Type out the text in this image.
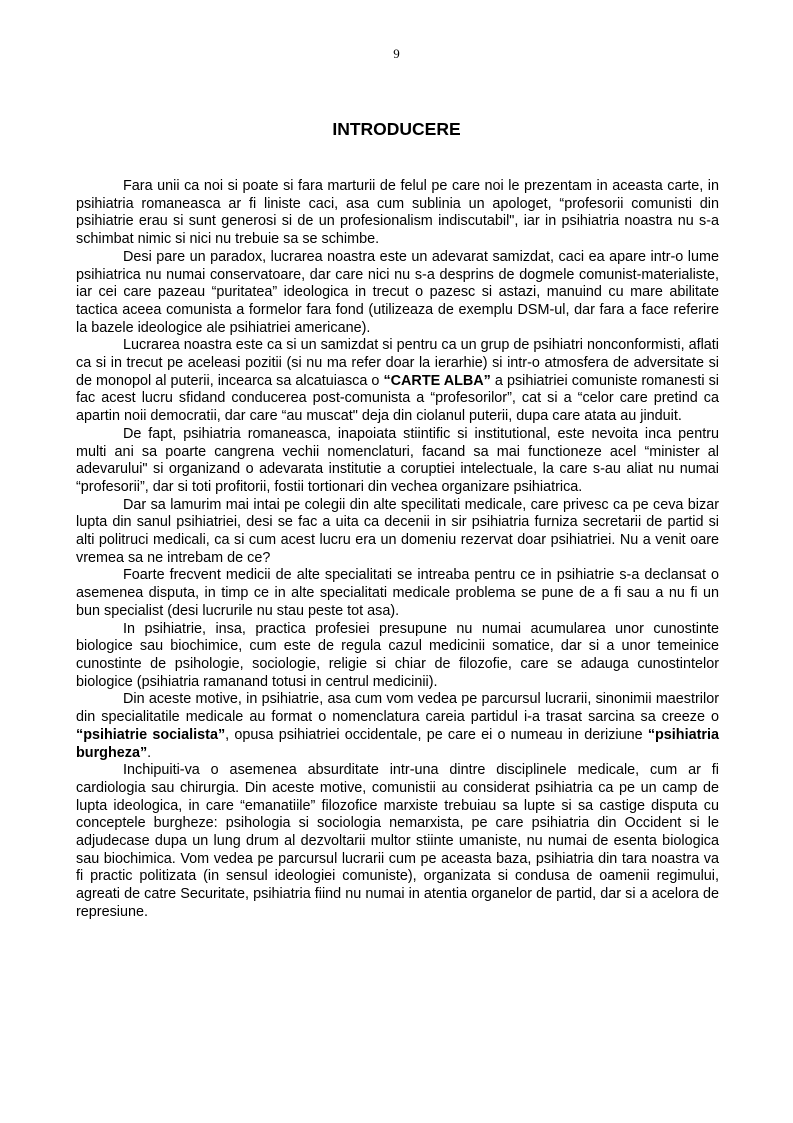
9
INTRODUCERE

Fara unii ca noi si poate si fara marturii de felul pe care noi le prezentam in aceasta carte, in psihiatria romaneasca ar fi liniste caci, asa cum sublinia un apologet, “profesorii comunisti din psihiatrie erau si sunt generosi si de un profesionalism indiscutabil", iar in psihiatria noastra nu s-a schimbat nimic si nici nu trebuie sa se schimbe.

Desi pare un paradox, lucrarea noastra este un adevarat samizdat, caci ea apare intr-o lume psihiatrica nu numai conservatoare, dar care nici nu s-a desprins de dogmele comunist-materialiste, iar cei care pazeau “puritatea” ideologica in trecut o pazesc si astazi, manuind cu mare abilitate tactica aceea comunista a formelor fara fond (utilizeaza de exemplu DSM-ul, dar fara a face referire la bazele ideologice ale psihiatriei americane).

Lucrarea noastra este ca si un samizdat si pentru ca un grup de psihiatri nonconformisti, aflati ca si in trecut pe aceleasi pozitii (si nu ma refer doar la ierarhie) si intr-o atmosfera de adversitate si de monopol al puterii, incearca sa alcatuiasca o “CARTE ALBA” a psihiatriei comuniste romanesti si fac acest lucru sfidand conducerea post-comunista a “profesorilor”, cat si a “celor care pretind ca apartin noii democratii, dar care “au muscat" deja din ciolanul puterii, dupa care atata au jinduit.

De fapt, psihiatria romaneasca, inapoiata stiintific si institutional, este nevoita inca pentru multi ani sa poarte cangrena vechii nomenclaturi, facand sa mai functioneze acel “minister al adevarului" si organizand o adevarata institutie a coruptiei intelectuale, la care s-au aliat nu numai “profesorii”, dar si toti profitorii, fostii tortionari din vechea organizare psihiatrica.

Dar sa lamurim mai intai pe colegii din alte specilitati medicale, care privesc ca pe ceva bizar lupta din sanul psihiatriei, desi se fac a uita ca decenii in sir psihiatria furniza secretarii de partid si alti politruci medicali, ca si cum acest lucru era un domeniu rezervat doar psihiatriei. Nu a venit oare vremea sa ne intrebam de ce?

Foarte frecvent medicii de alte specialitati se intreaba pentru ce in psihiatrie s-a declansat o asemenea disputa, in timp ce in alte specialitati medicale problema se pune de a fi sau a nu fi un bun specialist (desi lucrurile nu stau peste tot asa).

In psihiatrie, insa, practica profesiei presupune nu numai acumularea unor cunostinte biologice sau biochimice, cum este de regula cazul medicinii somatice, dar si a unor temeinice cunostinte de psihologie, sociologie, religie si chiar de filozofie, care se adauga cunostintelor biologice (psihiatria ramanand totusi in centrul medicinii).

Din aceste motive, in psihiatrie, asa cum vom vedea pe parcursul lucrarii, sinonimii maestrilor din specialitatile medicale au format o nomenclatura careia partidul i-a trasat sarcina sa creeze o “psihiatrie socialista”, opusa psihiatriei occidentale, pe care ei o numeau in deriziune “psihiatria burgheza”.

Inchipuiti-va o asemenea absurditate intr-una dintre disciplinele medicale, cum ar fi cardiologia sau chirurgia. Din aceste motive, comunistii au considerat psihiatria ca pe un camp de lupta ideologica, in care “emanatiile” filozofice marxiste trebuiau sa lupte si sa castige disputa cu conceptele burgheze: psihologia si sociologia nemarxista, pe care psihiatria din Occident si le adjudecase dupa un lung drum al dezvoltarii multor stiinte umaniste, nu numai de esenta biologica sau biochimica. Vom vedea pe parcursul lucrarii cum pe aceasta baza, psihiatria din tara noastra va fi practic politizata (in sensul ideologiei comuniste), organizata si condusa de oamenii regimului, agreati de catre Securitate, psihiatria fiind nu numai in atentia organelor de partid, dar si a acelora de represiune.
